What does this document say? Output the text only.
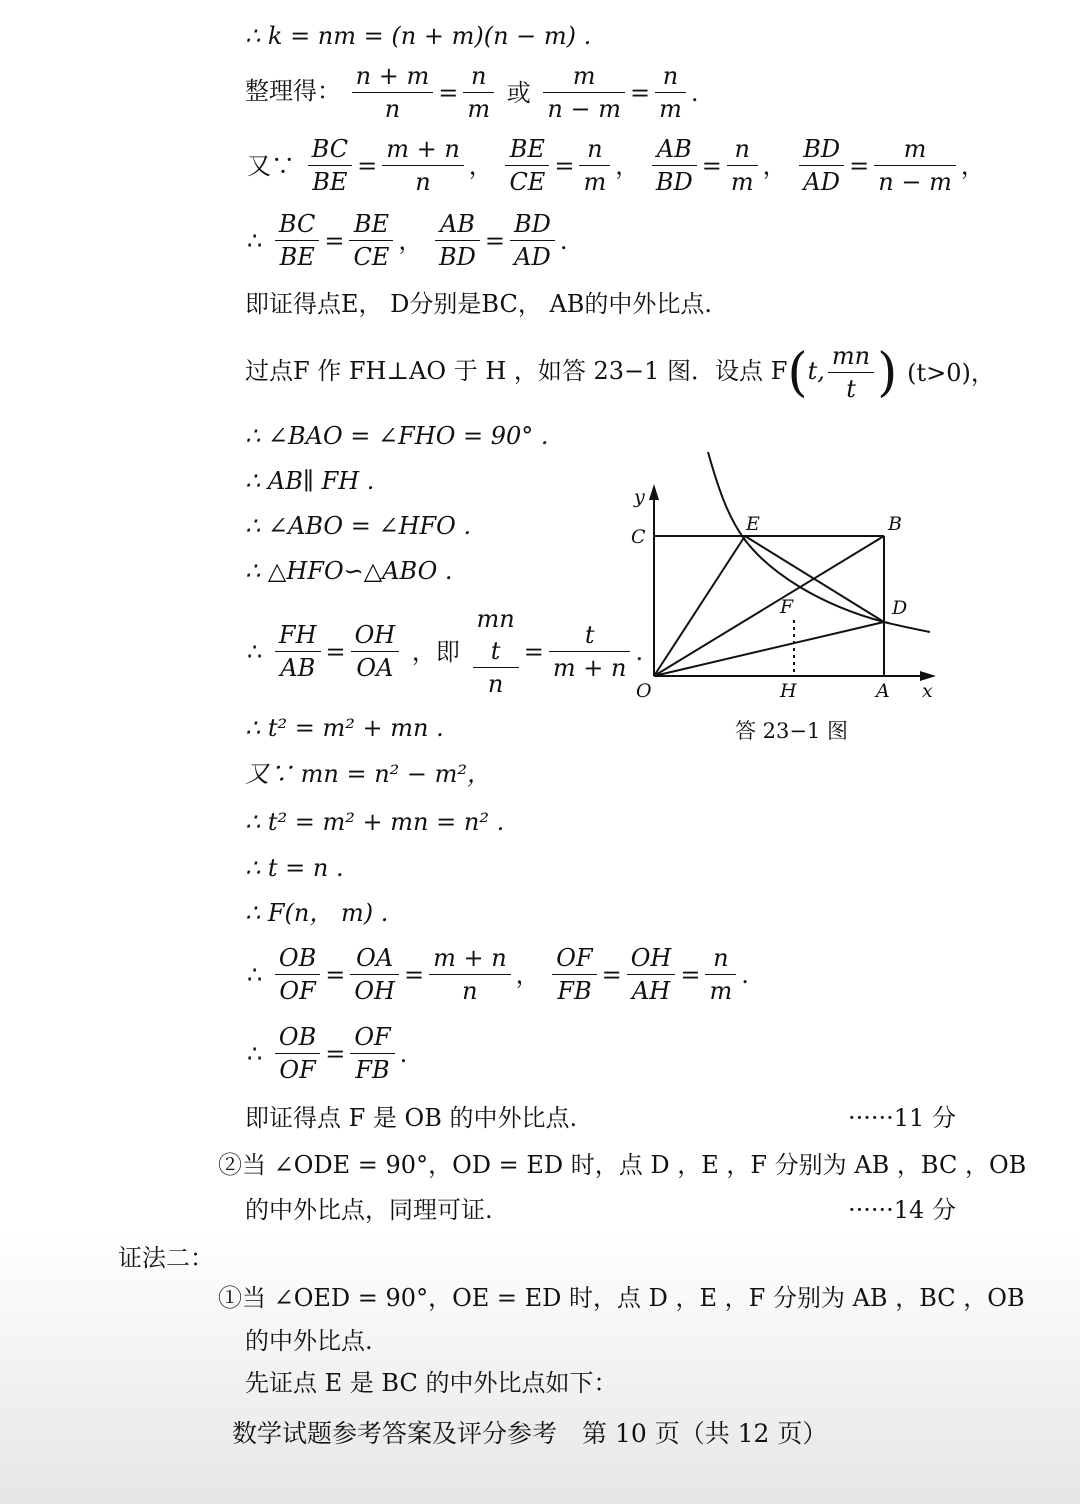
∴ k = nm = (n + m)(n − m) .
整理得： $\frac{n + m}{n} = \frac{n}{m}$ 或 $\frac{m}{n - m} = \frac{n}{m}$ .
又∵ $\frac{BC}{BE} = \frac{m + n}{n}$ ， $\frac{BE}{CE} = \frac{n}{m}$ ， $\frac{AB}{BD} = \frac{n}{m}$ ， $\frac{BD}{AD} = \frac{m}{n - m}$ ，
∴ $\frac{BC}{BE} = \frac{BE}{CE}$ ， $\frac{AB}{BD} = \frac{BD}{AD}$ .
即证得点E， D分别是BC， AB的中外比点.
过点F 作 FH⊥AO 于 H ，如答 23−1 图．设点 F(t, $\frac{mn}{t}$ ) (t>0)，
∴ ∠BAO = ∠FHO = 90° .
∴ AB∥ FH .
∴ ∠ABO = ∠HFO .
∴ △HFO∽△ABO .
∴ $\frac{FH}{AB} = \frac{OH}{OA}$ ，即
mn
t
n
= $\frac{t}{m + n}$ .
∴ t² = m² + mn .
又∵ mn = n² − m²，
∴ t² = m² + mn = n² .
∴ t = n .
∴ F(n， m) .
∴ $\frac{OB}{OF} = \frac{OA}{OH} = \frac{m + n}{n}$ ， $\frac{OF}{FB} = \frac{OH}{AH} = \frac{n}{m}$ .
∴ $\frac{OB}{OF} = \frac{OF}{FB}$ .
即证得点 F 是 OB 的中外比点.	······11 分
②当 ∠ODE = 90°，OD = ED 时，点 D ，E ，F 分别为 AB ，BC ，OB
的中外比点，同理可证.	······14 分
证法二：
①当 ∠OED = 90°，OE = ED 时，点 D ，E ，F 分别为 AB ，BC ，OB
的中外比点.
先证点 E 是 BC 的中外比点如下：
数学试题参考答案及评分参考　第 10 页（共 12 页）
y
C
E	B
F	D
O	H	A x
答 23−1 图
